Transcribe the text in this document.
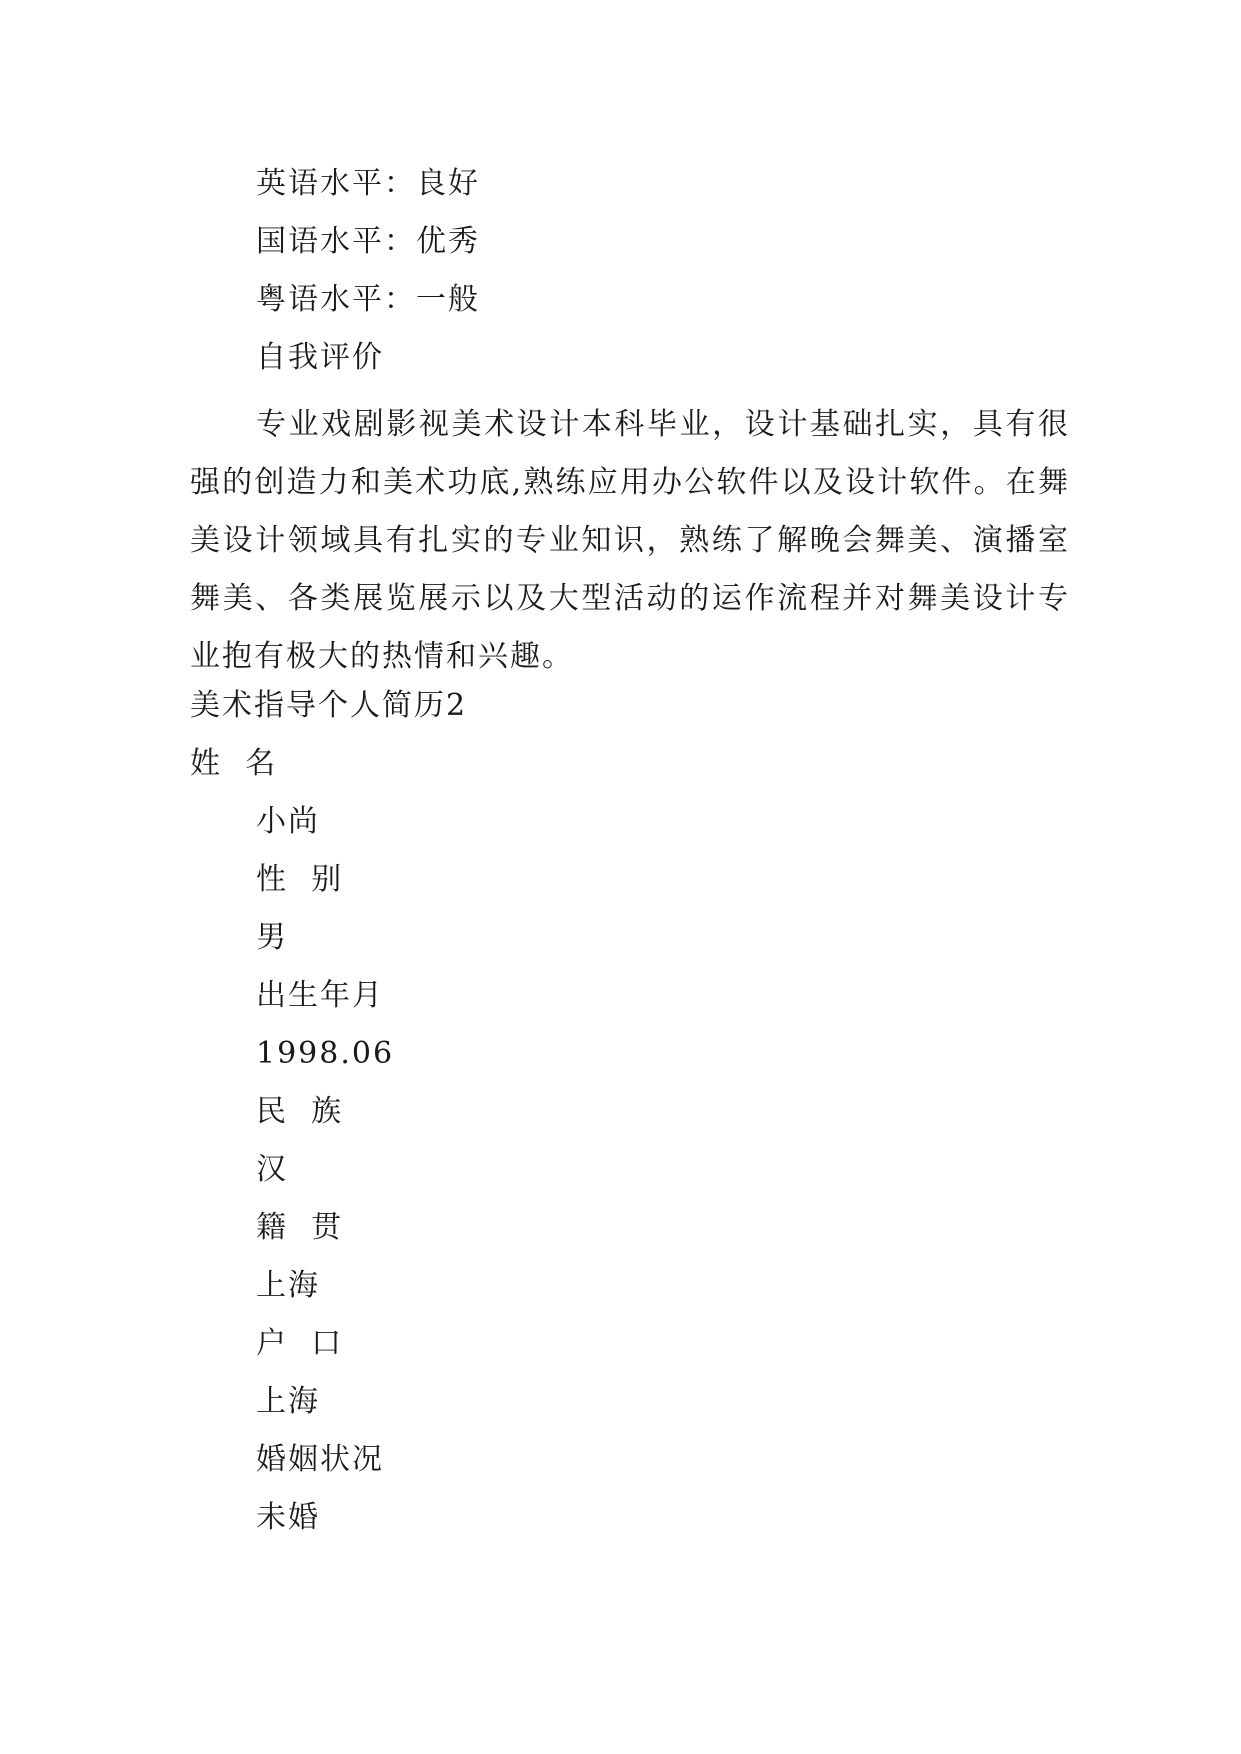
英语水平：良好
国语水平：优秀
粤语水平：一般
自我评价

专业戏剧影视美术设计本科毕业，设计基础扎实，具有很强的创造力和美术功底,熟练应用办公软件以及设计软件。在舞美设计领域具有扎实的专业知识，熟练了解晚会舞美、演播室舞美、各类展览展示以及大型活动的运作流程并对舞美设计专业抱有极大的热情和兴趣。

美术指导个人简历2
姓  名
小尚
性  别
男
出生年月
1998.06
民  族
汉
籍  贯
上海
户  口
上海
婚姻状况
未婚
